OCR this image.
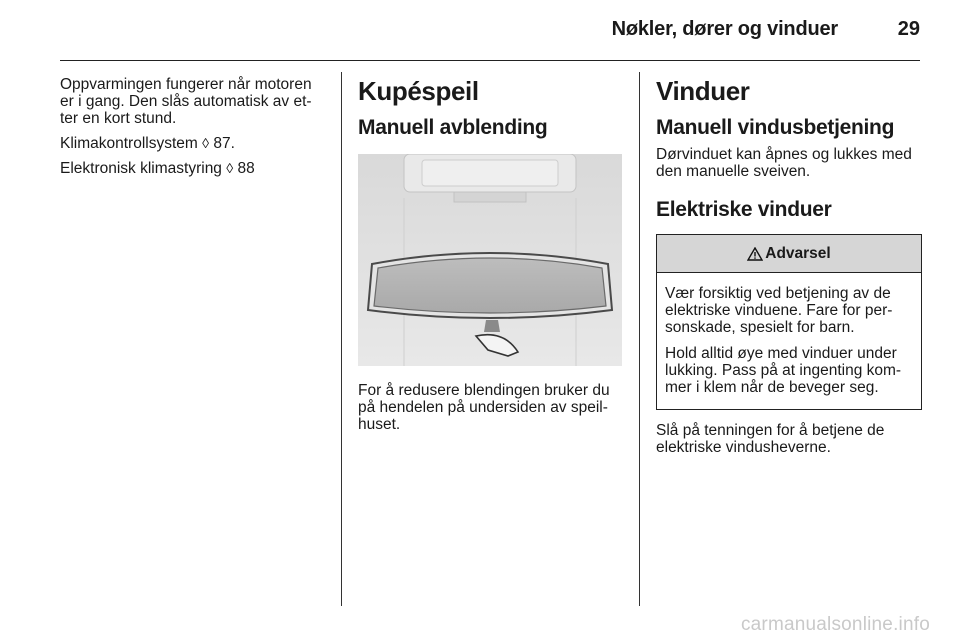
Nøkler, dører og vinduer	29

Oppvarmingen fungerer når motoren er i gang. Den slås automatisk av et-ter en kort stund.

Klimakontrollsystem ◊ 87.

Elektronisk klimastyring ◊ 88

Kupéspeil
Manuell avblending

For å redusere blendingen bruker du på hendelen på undersiden av speil-huset.

Vinduer
Manuell vindusbetjening

Dørvinduet kan åpnes og lukkes med den manuelle sveiven.

Elektriske vinduer
Advarsel

Vær forsiktig ved betjening av de elektriske vinduene. Fare for per-sonskade, spesielt for barn.

Hold alltid øye med vinduer under lukking. Pass på at ingenting kom-mer i klem når de beveger seg.

Slå på tenningen for å betjene de elektriske vindusheverne.

carmanualsonline.info
